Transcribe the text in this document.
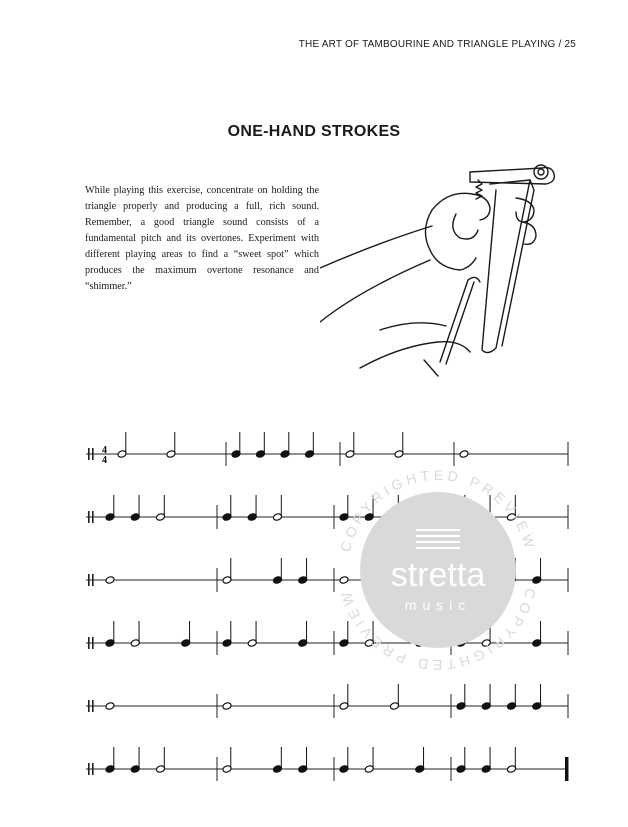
THE ART OF TAMBOURINE AND TRIANGLE PLAYING / 25
ONE-HAND STROKES
While playing this exercise, concentrate on holding the triangle properly and producing a full, rich sound. Remember, a good triangle sound consists of a fundamental pitch and its overtones. Experiment with different playing areas to find a “sweet spot” which produces the maximum overtone resonance and “shimmer.”
4
4
COPYRIGHTED PREVIEW
COPYRIGHTED PREVIEW
stretta
music
